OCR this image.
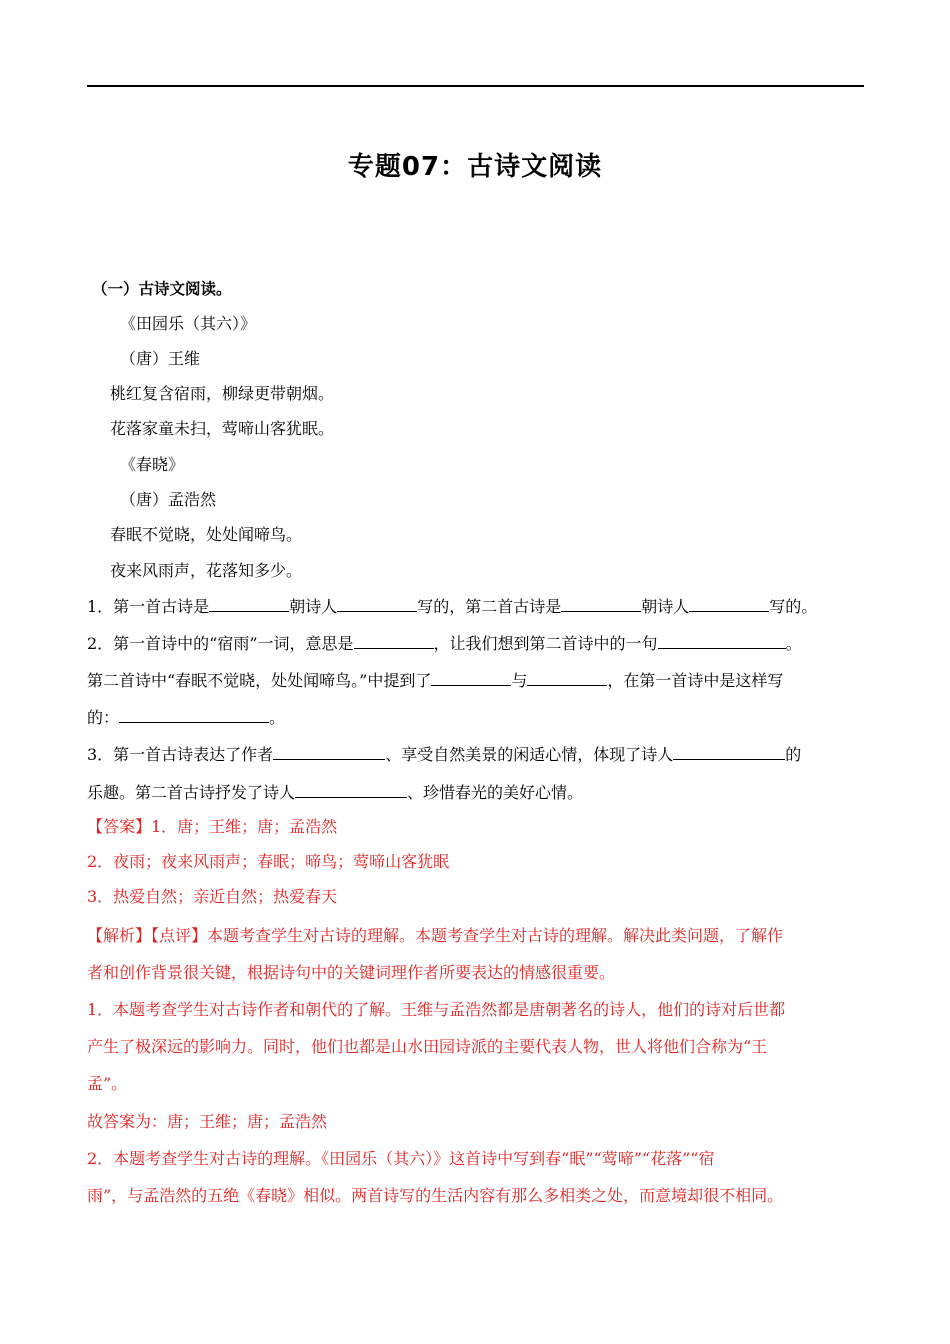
专题07：古诗文阅读
（一）古诗文阅读。
《田园乐（其六）》
（唐）王维
桃红复含宿雨，柳绿更带朝烟。
花落家童未扫，莺啼山客犹眠。
《春晓》
（唐）孟浩然
春眠不觉晓，处处闻啼鸟。
夜来风雨声，花落知多少。
1．第一首古诗是	朝诗人	写的，第二首古诗是	朝诗人	写的。
2．第一首诗中的“宿雨”一词，意思是	，让我们想到第二首诗中的一句	。
第二首诗中“春眠不觉晓，处处闻啼鸟。”中提到了	与	，在第一首诗中是这样写
的：	。
3．第一首古诗表达了作者	、享受自然美景的闲适心情，体现了诗人	的
乐趣。第二首古诗抒发了诗人	、珍惜春光的美好心情。
【答案】1．唐；王维；唐；孟浩然
2．夜雨；夜来风雨声；春眠；啼鸟；莺啼山客犹眠
3．热爱自然；亲近自然；热爱春天
【解析】【点评】本题考查学生对古诗的理解。本题考查学生对古诗的理解。解决此类问题，了解作
者和创作背景很关键，根据诗句中的关键词理作者所要表达的情感很重要。
1．本题考查学生对古诗作者和朝代的了解。王维与孟浩然都是唐朝著名的诗人，他们的诗对后世都
产生了极深远的影响力。同时，他们也都是山水田园诗派的主要代表人物，世人将他们合称为“王
孟”。
故答案为：唐；王维；唐；孟浩然
2．本题考查学生对古诗的理解。《田园乐（其六）》这首诗中写到春“眠”“莺啼”“花落”“宿
雨”，与孟浩然的五绝《春晓》相似。两首诗写的生活内容有那么多相类之处，而意境却很不相同。
